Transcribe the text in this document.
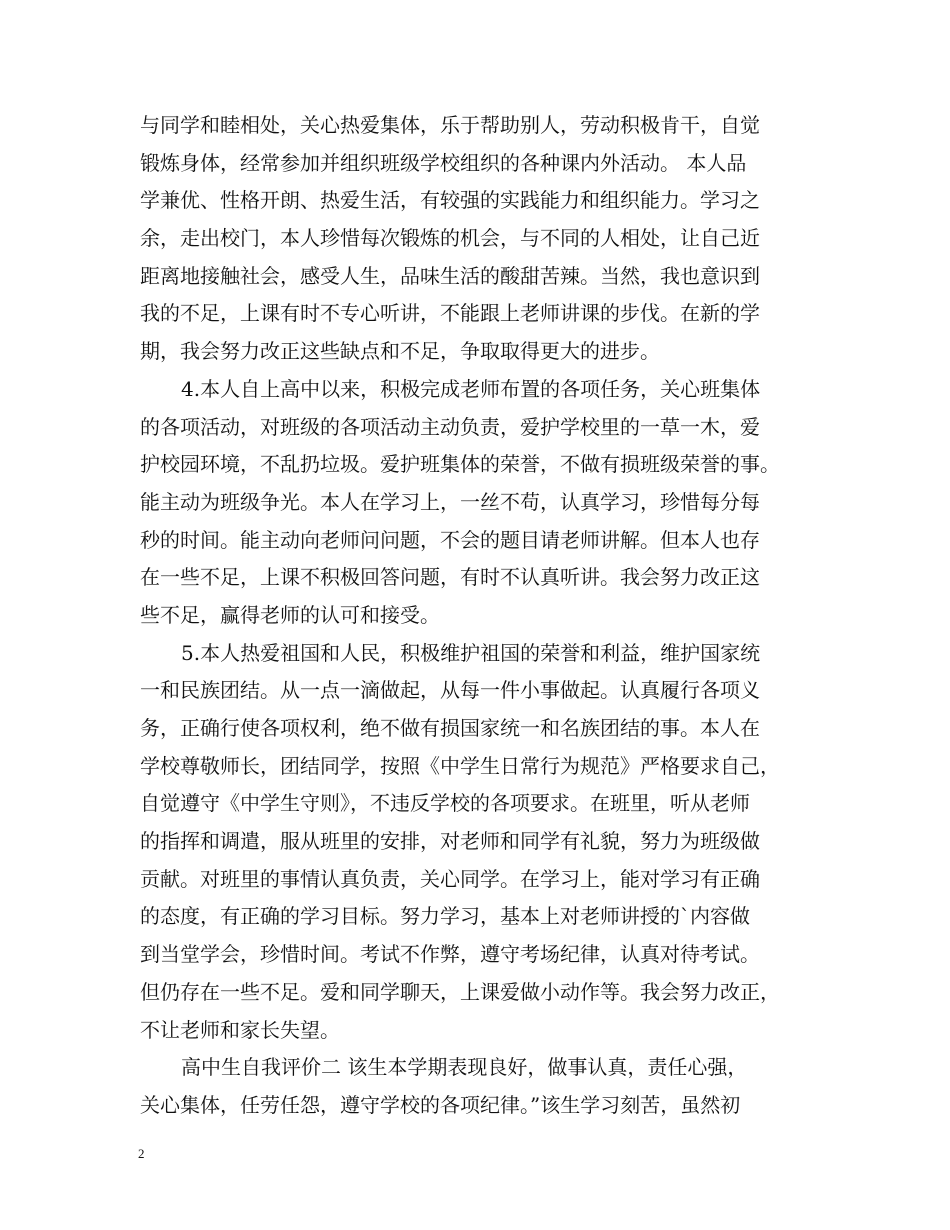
与同学和睦相处，关心热爱集体，乐于帮助别人，劳动积极肯干，自觉
锻炼身体，经常参加并组织班级学校组织的各种课内外活动。 本人品
学兼优、性格开朗、热爱生活，有较强的实践能力和组织能力。学习之
余，走出校门，本人珍惜每次锻炼的机会，与不同的人相处，让自己近
距离地接触社会，感受人生，品味生活的酸甜苦辣。当然，我也意识到
我的不足，上课有时不专心听讲，不能跟上老师讲课的步伐。在新的学
期，我会努力改正这些缺点和不足，争取取得更大的进步。
4.本人自上高中以来，积极完成老师布置的各项任务，关心班集体
的各项活动，对班级的各项活动主动负责，爱护学校里的一草一木，爱
护校园环境，不乱扔垃圾。爱护班集体的荣誉，不做有损班级荣誉的事。
能主动为班级争光。本人在学习上，一丝不苟，认真学习，珍惜每分每
秒的时间。能主动向老师问问题，不会的题目请老师讲解。但本人也存
在一些不足，上课不积极回答问题，有时不认真听讲。我会努力改正这
些不足，赢得老师的认可和接受。
5.本人热爱祖国和人民，积极维护祖国的荣誉和利益，维护国家统
一和民族团结。从一点一滴做起，从每一件小事做起。认真履行各项义
务，正确行使各项权利，绝不做有损国家统一和名族团结的事。本人在
学校尊敬师长，团结同学，按照《中学生日常行为规范》严格要求自己，
自觉遵守《中学生守则》，不违反学校的各项要求。在班里，听从老师
的指挥和调遣，服从班里的安排，对老师和同学有礼貌，努力为班级做
贡献。对班里的事情认真负责，关心同学。在学习上，能对学习有正确
的态度，有正确的学习目标。努力学习，基本上对老师讲授的`内容做
到当堂学会，珍惜时间。考试不作弊，遵守考场纪律，认真对待考试。
但仍存在一些不足。爱和同学聊天，上课爱做小动作等。我会努力改正，
不让老师和家长失望。
高中生自我评价二 该生本学期表现良好，做事认真，责任心强，
关心集体，任劳任怨，遵守学校的各项纪律。”该生学习刻苦，虽然初
2
